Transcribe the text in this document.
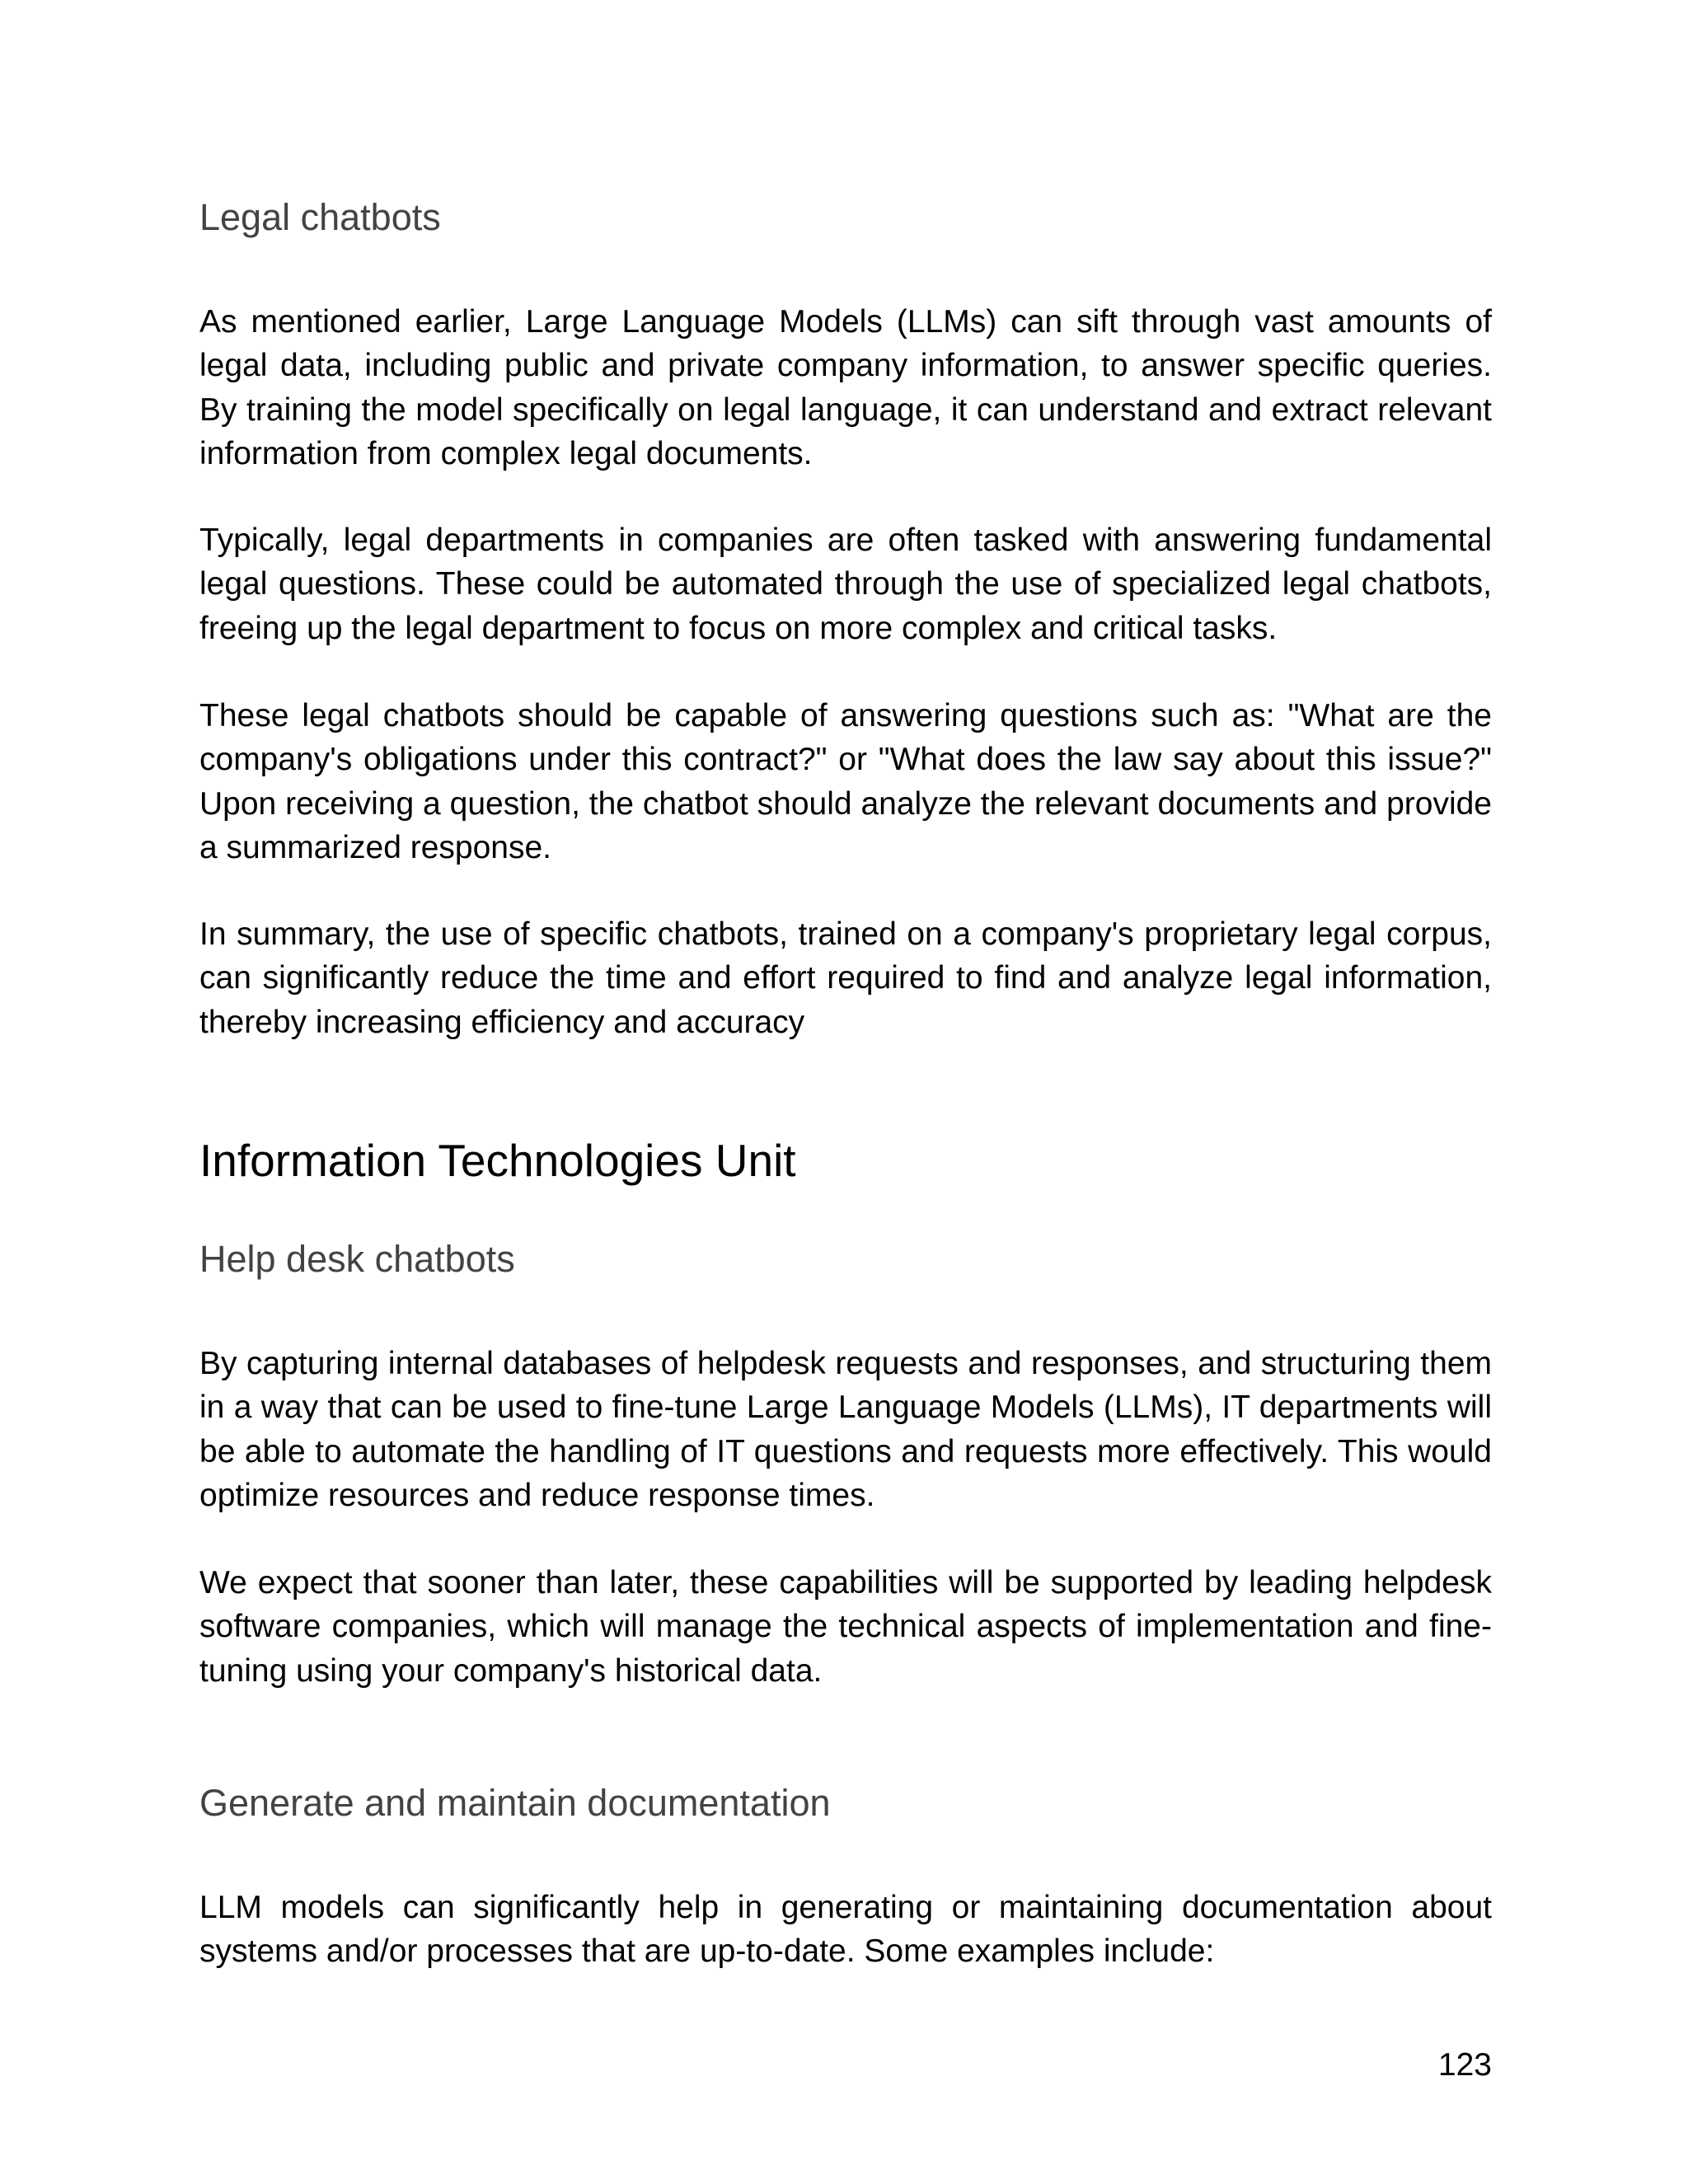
Legal chatbots

As mentioned earlier, Large Language Models (LLMs) can sift through vast amounts of legal data, including public and private company information, to answer specific queries. By training the model specifically on legal language, it can understand and extract relevant information from complex legal documents.

Typically, legal departments in companies are often tasked with answering fundamental legal questions. These could be automated through the use of specialized legal chatbots, freeing up the legal department to focus on more complex and critical tasks.

These legal chatbots should be capable of answering questions such as: "What are the company's obligations under this contract?" or "What does the law say about this issue?" Upon receiving a question, the chatbot should analyze the relevant documents and provide a summarized response.

In summary, the use of specific chatbots, trained on a company's proprietary legal corpus, can significantly reduce the time and effort required to find and analyze legal information, thereby increasing efficiency and accuracy

Information Technologies Unit
Help desk chatbots

By capturing internal databases of helpdesk requests and responses, and structuring them in a way that can be used to fine-tune Large Language Models (LLMs), IT departments will be able to automate the handling of IT questions and requests more effectively. This would optimize resources and reduce response times.

We expect that sooner than later, these capabilities will be supported by leading helpdesk software companies, which will manage the technical aspects of implementation and fine-tuning using your company's historical data.

Generate and maintain documentation

LLM models can significantly help in generating or maintaining documentation about systems and/or processes that are up-to-date. Some examples include:

123
